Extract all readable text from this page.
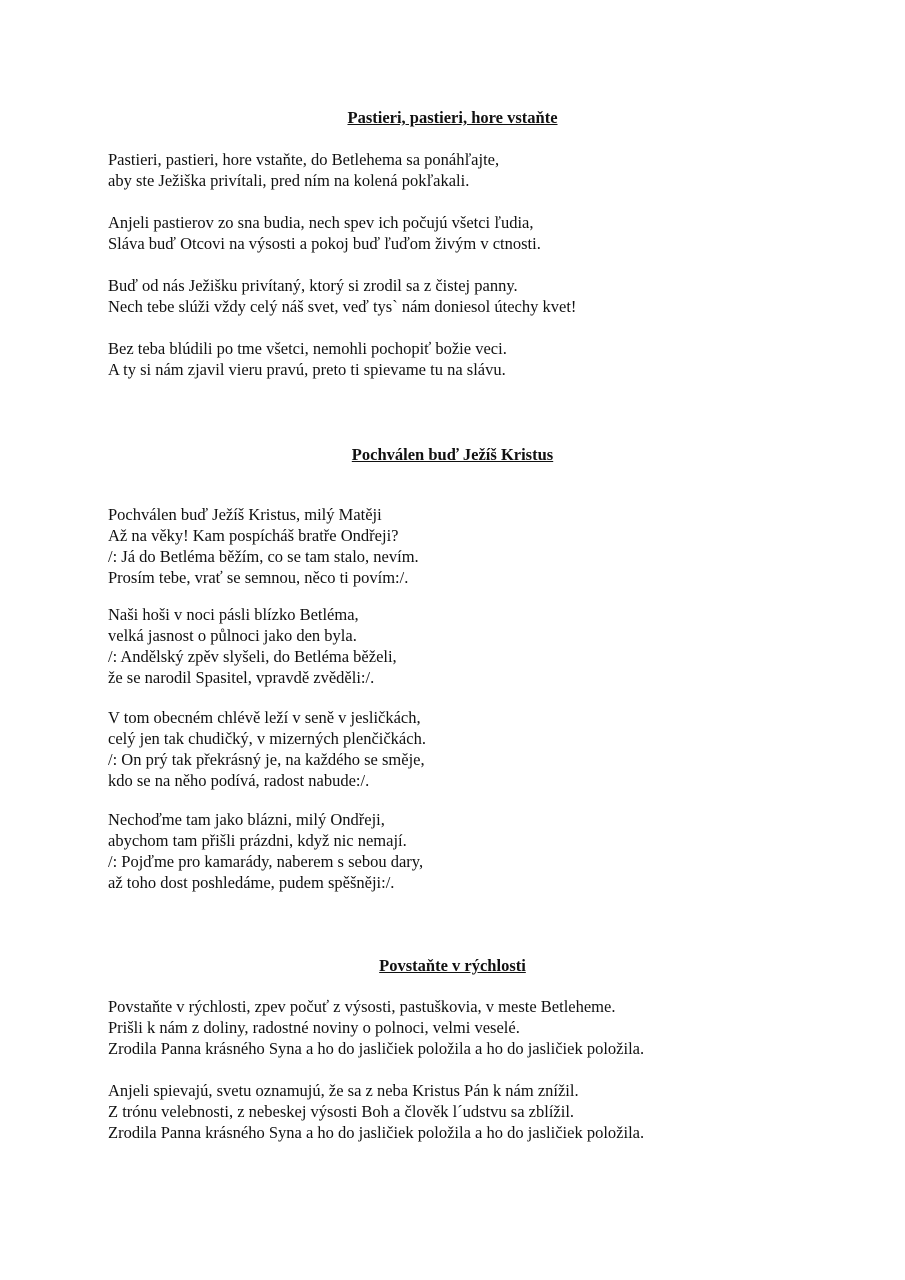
Pastieri, pastieri, hore vstaňte
Pastieri, pastieri, hore vstaňte, do Betlehema sa ponáhľajte,
aby ste Ježiška privítali, pred ním na kolená pokľakali.
Anjeli pastierov zo sna budia, nech spev ich počujú všetci ľudia,
Sláva buď Otcovi na výsosti a pokoj buď ľuďom živým v ctnosti.
Buď od nás Ježišku privítaný, ktorý si zrodil sa z čistej panny.
Nech tebe slúži vždy celý náš svet, veď tys` nám doniesol útechy kvet!
Bez teba blúdili po tme všetci, nemohli pochopiť božie veci.
A ty si nám zjavil vieru pravú, preto ti spievame tu na slávu.
Pochválen buď Ježíš Kristus
Pochválen buď Ježíš Kristus, milý Matěji
Až na věky! Kam pospícháš bratře Ondřeji?
/: Já do Betléma běžím, co se tam stalo, nevím.
Prosím tebe, vrať se semnou, něco ti povím:/.
Naši hoši v noci pásli blízko Betléma,
velká jasnost o půlnoci jako den byla.
/: Andělský zpěv slyšeli, do Betléma běželi,
že se narodil Spasitel, vpravdě zvěděli:/.
V tom obecném chlévě leží v seně v jesličkách,
celý jen tak chudičký, v mizerných plenčičkách.
/: On prý tak překrásný je, na každého se směje,
kdo se na něho podívá, radost nabude:/.
Nechoďme tam jako blázni, milý Ondřeji,
abychom tam přišli prázdni, když nic nemají.
/: Pojďme pro kamarády, naberem s sebou dary,
až toho dost poshledáme, pudem spěšněji:/.
Povstaňte v rýchlosti
Povstaňte v rýchlosti, zpev počuť z výsosti, pastuškovia, v meste Betleheme.
Prišli k nám z doliny, radostné noviny o polnoci, velmi veselé.
Zrodila Panna krásného Syna a ho do jasličiek položila a ho do jasličiek položila.
Anjeli spievajú, svetu oznamujú, že sa z neba Kristus Pán k nám znížil.
Z trónu velebnosti, z nebeskej výsosti Boh a člověk l´udstvu sa zblížil.
Zrodila Panna krásného Syna a ho do jasličiek položila a ho do jasličiek položila.
